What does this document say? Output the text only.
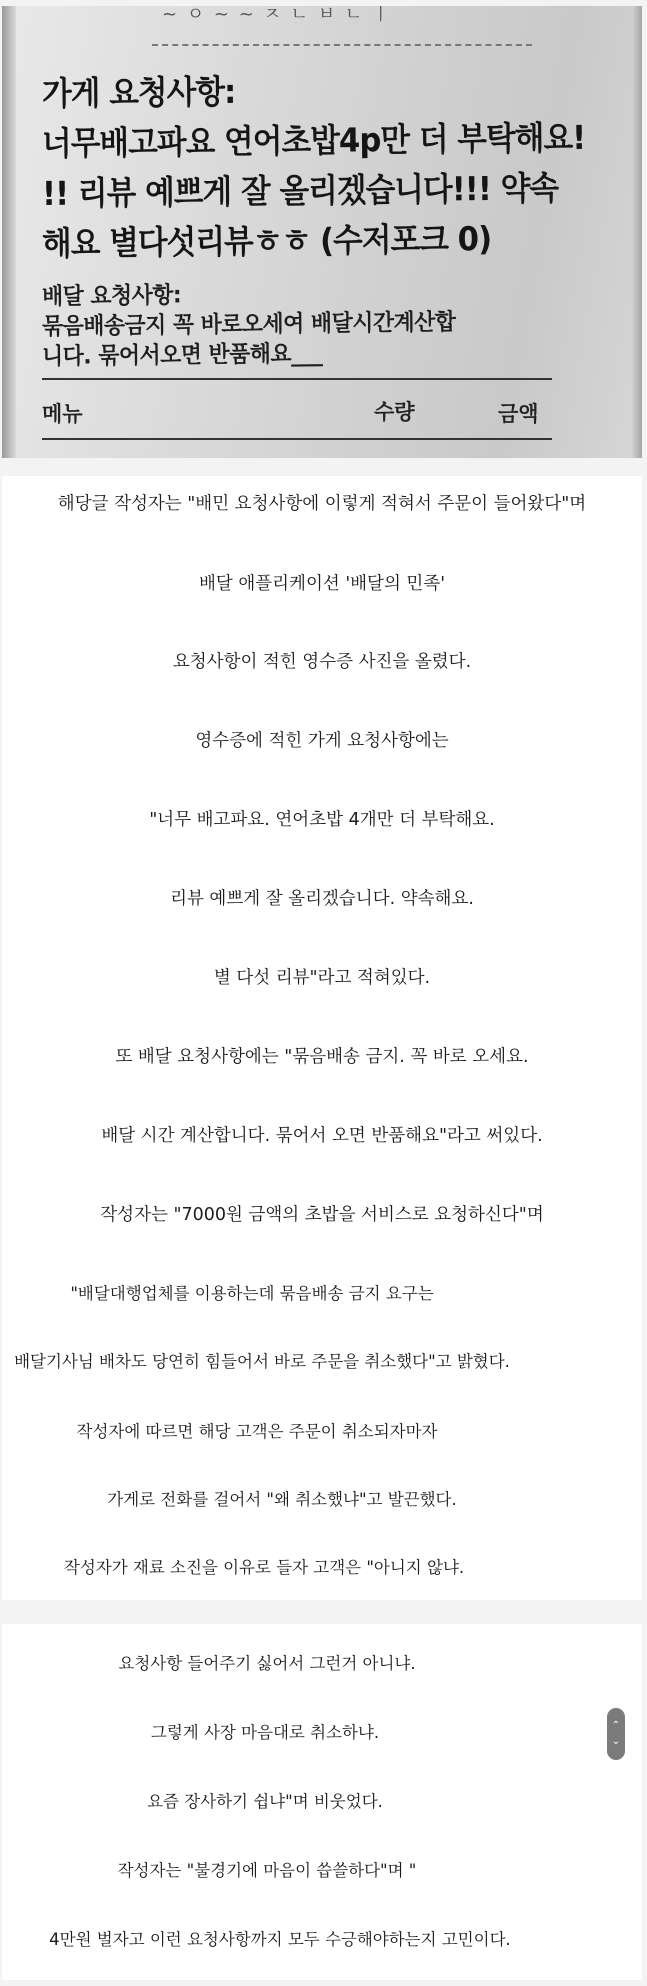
~ ㅇ ~ ~ ㅈ ㄴ ㅂ ㄴ ㅣ
가게 요청사항:
너무배고파요 연어초밥4p만 더 부탁해요!
!! 리뷰 예쁘게 잘 올리겠습니다!!! 약속
해요 별다섯리뷰ㅎㅎ (수저포크 0)
배달 요청사항:
묶음배송금지 꼭 바로오세여 배달시간계산합
니다. 묶어서오면 반품해요___
메뉴	수량	금액
해당글 작성자는 "배민 요청사항에 이렇게 적혀서 주문이 들어왔다"며
배달 애플리케이션 '배달의 민족'
요청사항이 적힌 영수증 사진을 올렸다.
영수증에 적힌 가게 요청사항에는
"너무 배고파요. 연어초밥 4개만 더 부탁해요.
리뷰 예쁘게 잘 올리겠습니다. 약속해요.
별 다섯 리뷰"라고 적혀있다.
또 배달 요청사항에는 "묶음배송 금지. 꼭 바로 오세요.
배달 시간 계산합니다. 묶어서 오면 반품해요"라고 써있다.
작성자는 "7000원 금액의 초밥을 서비스로 요청하신다"며
"배달대행업체를 이용하는데 묶음배송 금지 요구는
배달기사님 배차도 당연히 힘들어서 바로 주문을 취소했다"고 밝혔다.
작성자에 따르면 해당 고객은 주문이 취소되자마자
가게로 전화를 걸어서 "왜 취소했냐"고 발끈했다.
작성자가 재료 소진을 이유로 들자 고객은 "아니지 않냐.
요청사항 들어주기 싫어서 그런거 아니냐.
그렇게 사장 마음대로 취소하냐.
요즘 장사하기 쉽냐"며 비웃었다.
작성자는 "불경기에 마음이 씁쓸하다"며 "
4만원 벌자고 이런 요청사항까지 모두 수긍해야하는지 고민이다.
⌃
⌄
